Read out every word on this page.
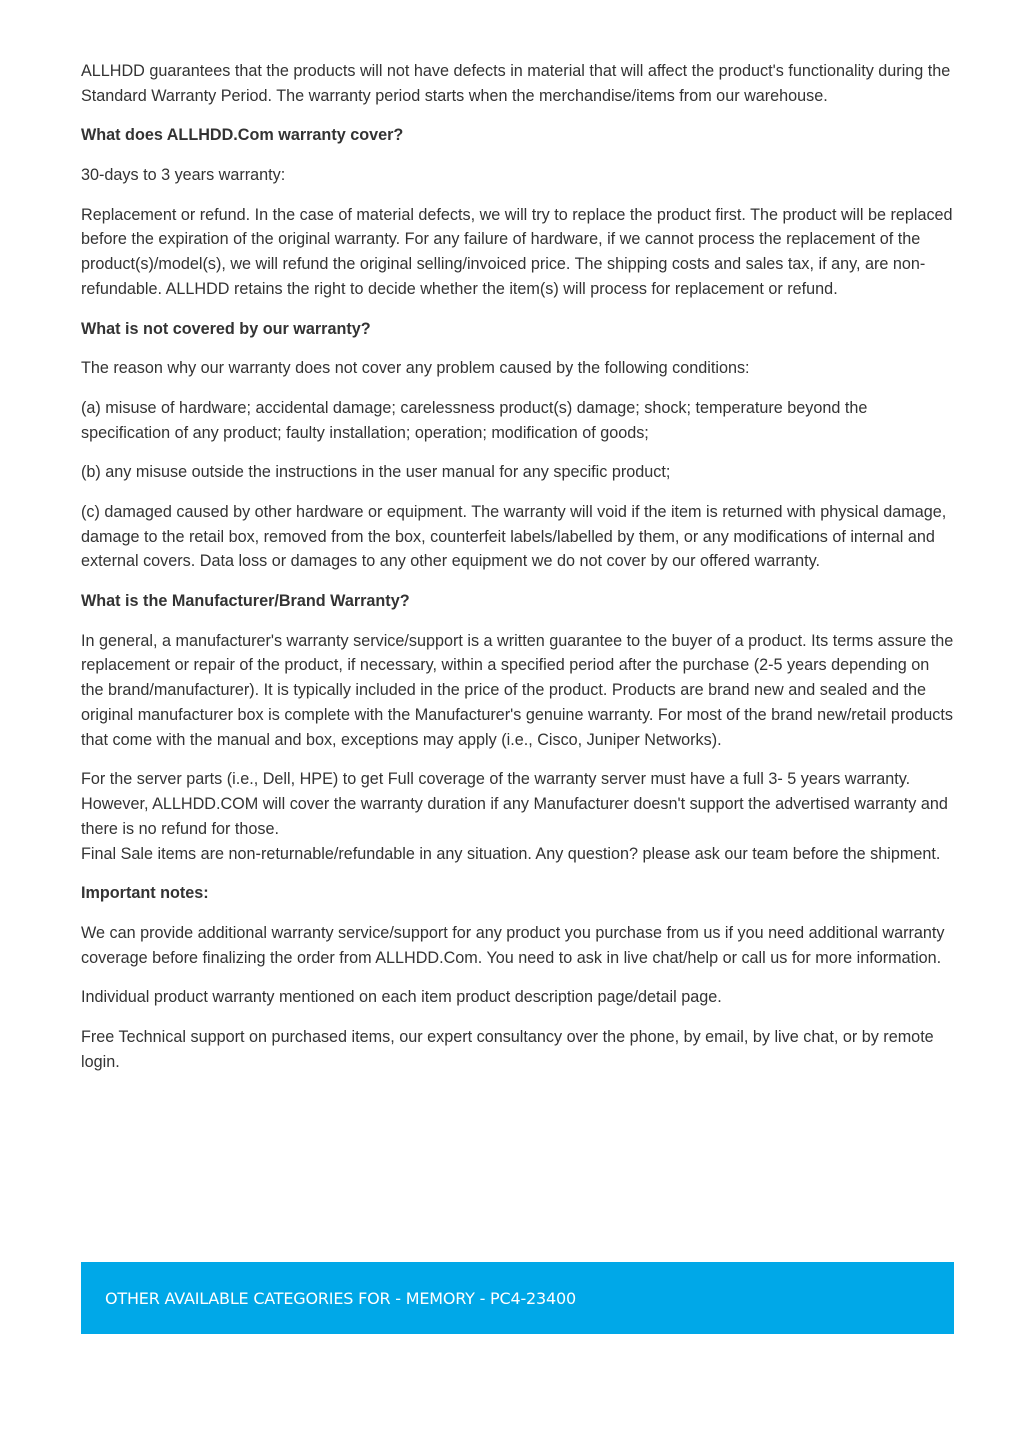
ALLHDD guarantees that the products will not have defects in material that will affect the product's functionality during the Standard Warranty Period. The warranty period starts when the merchandise/items from our warehouse.

What does ALLHDD.Com warranty cover?

30-days to 3 years warranty:

Replacement or refund. In the case of material defects, we will try to replace the product first. The product will be replaced before the expiration of the original warranty. For any failure of hardware, if we cannot process the replacement of the product(s)/model(s), we will refund the original selling/invoiced price. The shipping costs and sales tax, if any, are non-refundable. ALLHDD retains the right to decide whether the item(s) will process for replacement or refund.

What is not covered by our warranty?

The reason why our warranty does not cover any problem caused by the following conditions:

(a) misuse of hardware; accidental damage; carelessness product(s) damage; shock; temperature beyond the specification of any product; faulty installation; operation; modification of goods;

(b) any misuse outside the instructions in the user manual for any specific product;

(c) damaged caused by other hardware or equipment. The warranty will void if the item is returned with physical damage, damage to the retail box, removed from the box, counterfeit labels/labelled by them, or any modifications of internal and external covers. Data loss or damages to any other equipment we do not cover by our offered warranty.

What is the Manufacturer/Brand Warranty?

In general, a manufacturer's warranty service/support is a written guarantee to the buyer of a product. Its terms assure the replacement or repair of the product, if necessary, within a specified period after the purchase (2-5 years depending on the brand/manufacturer). It is typically included in the price of the product. Products are brand new and sealed and the original manufacturer box is complete with the Manufacturer's genuine warranty. For most of the brand new/retail products that come with the manual and box, exceptions may apply (i.e., Cisco, Juniper Networks).

For the server parts (i.e., Dell, HPE) to get Full coverage of the warranty server must have a full 3- 5 years warranty. However, ALLHDD.COM will cover the warranty duration if any Manufacturer doesn't support the advertised warranty and there is no refund for those.
Final Sale items are non-returnable/refundable in any situation. Any question? please ask our team before the shipment.

Important notes:

We can provide additional warranty service/support for any product you purchase from us if you need additional warranty coverage before finalizing the order from ALLHDD.Com. You need to ask in live chat/help or call us for more information.

Individual product warranty mentioned on each item product description page/detail page.

Free Technical support on purchased items, our expert consultancy over the phone, by email, by live chat, or by remote login.

OTHER AVAILABLE CATEGORIES FOR - MEMORY - PC4-23400
